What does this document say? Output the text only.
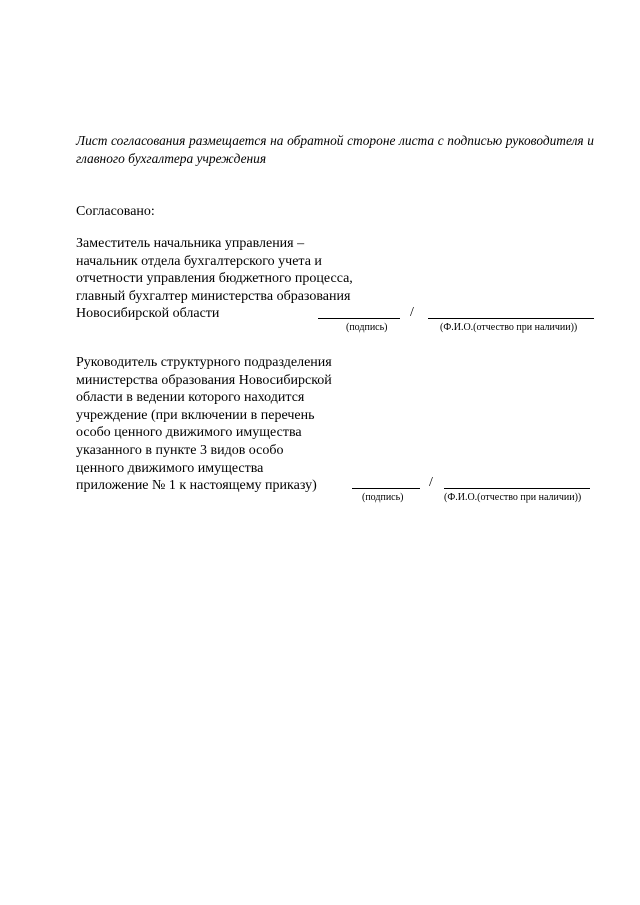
Лист согласования размещается на обратной стороне листа с подписью руководителя и главного бухгалтера учреждения
Согласовано:
Заместитель начальника управления –
начальник отдела бухгалтерского учета и
отчетности управления бюджетного процесса,
главный бухгалтер министерства образования
Новосибирской области	/
(подпись)	(Ф.И.О.(отчество при наличии))
Руководитель структурного подразделения
министерства образования Новосибирской
области в ведении которого находится
учреждение (при включении в перечень
особо ценного движимого имущества
указанного в пункте 3 видов особо
ценного движимого имущества
приложение № 1 к настоящему приказу)	/
(подпись)	(Ф.И.О.(отчество при наличии))
